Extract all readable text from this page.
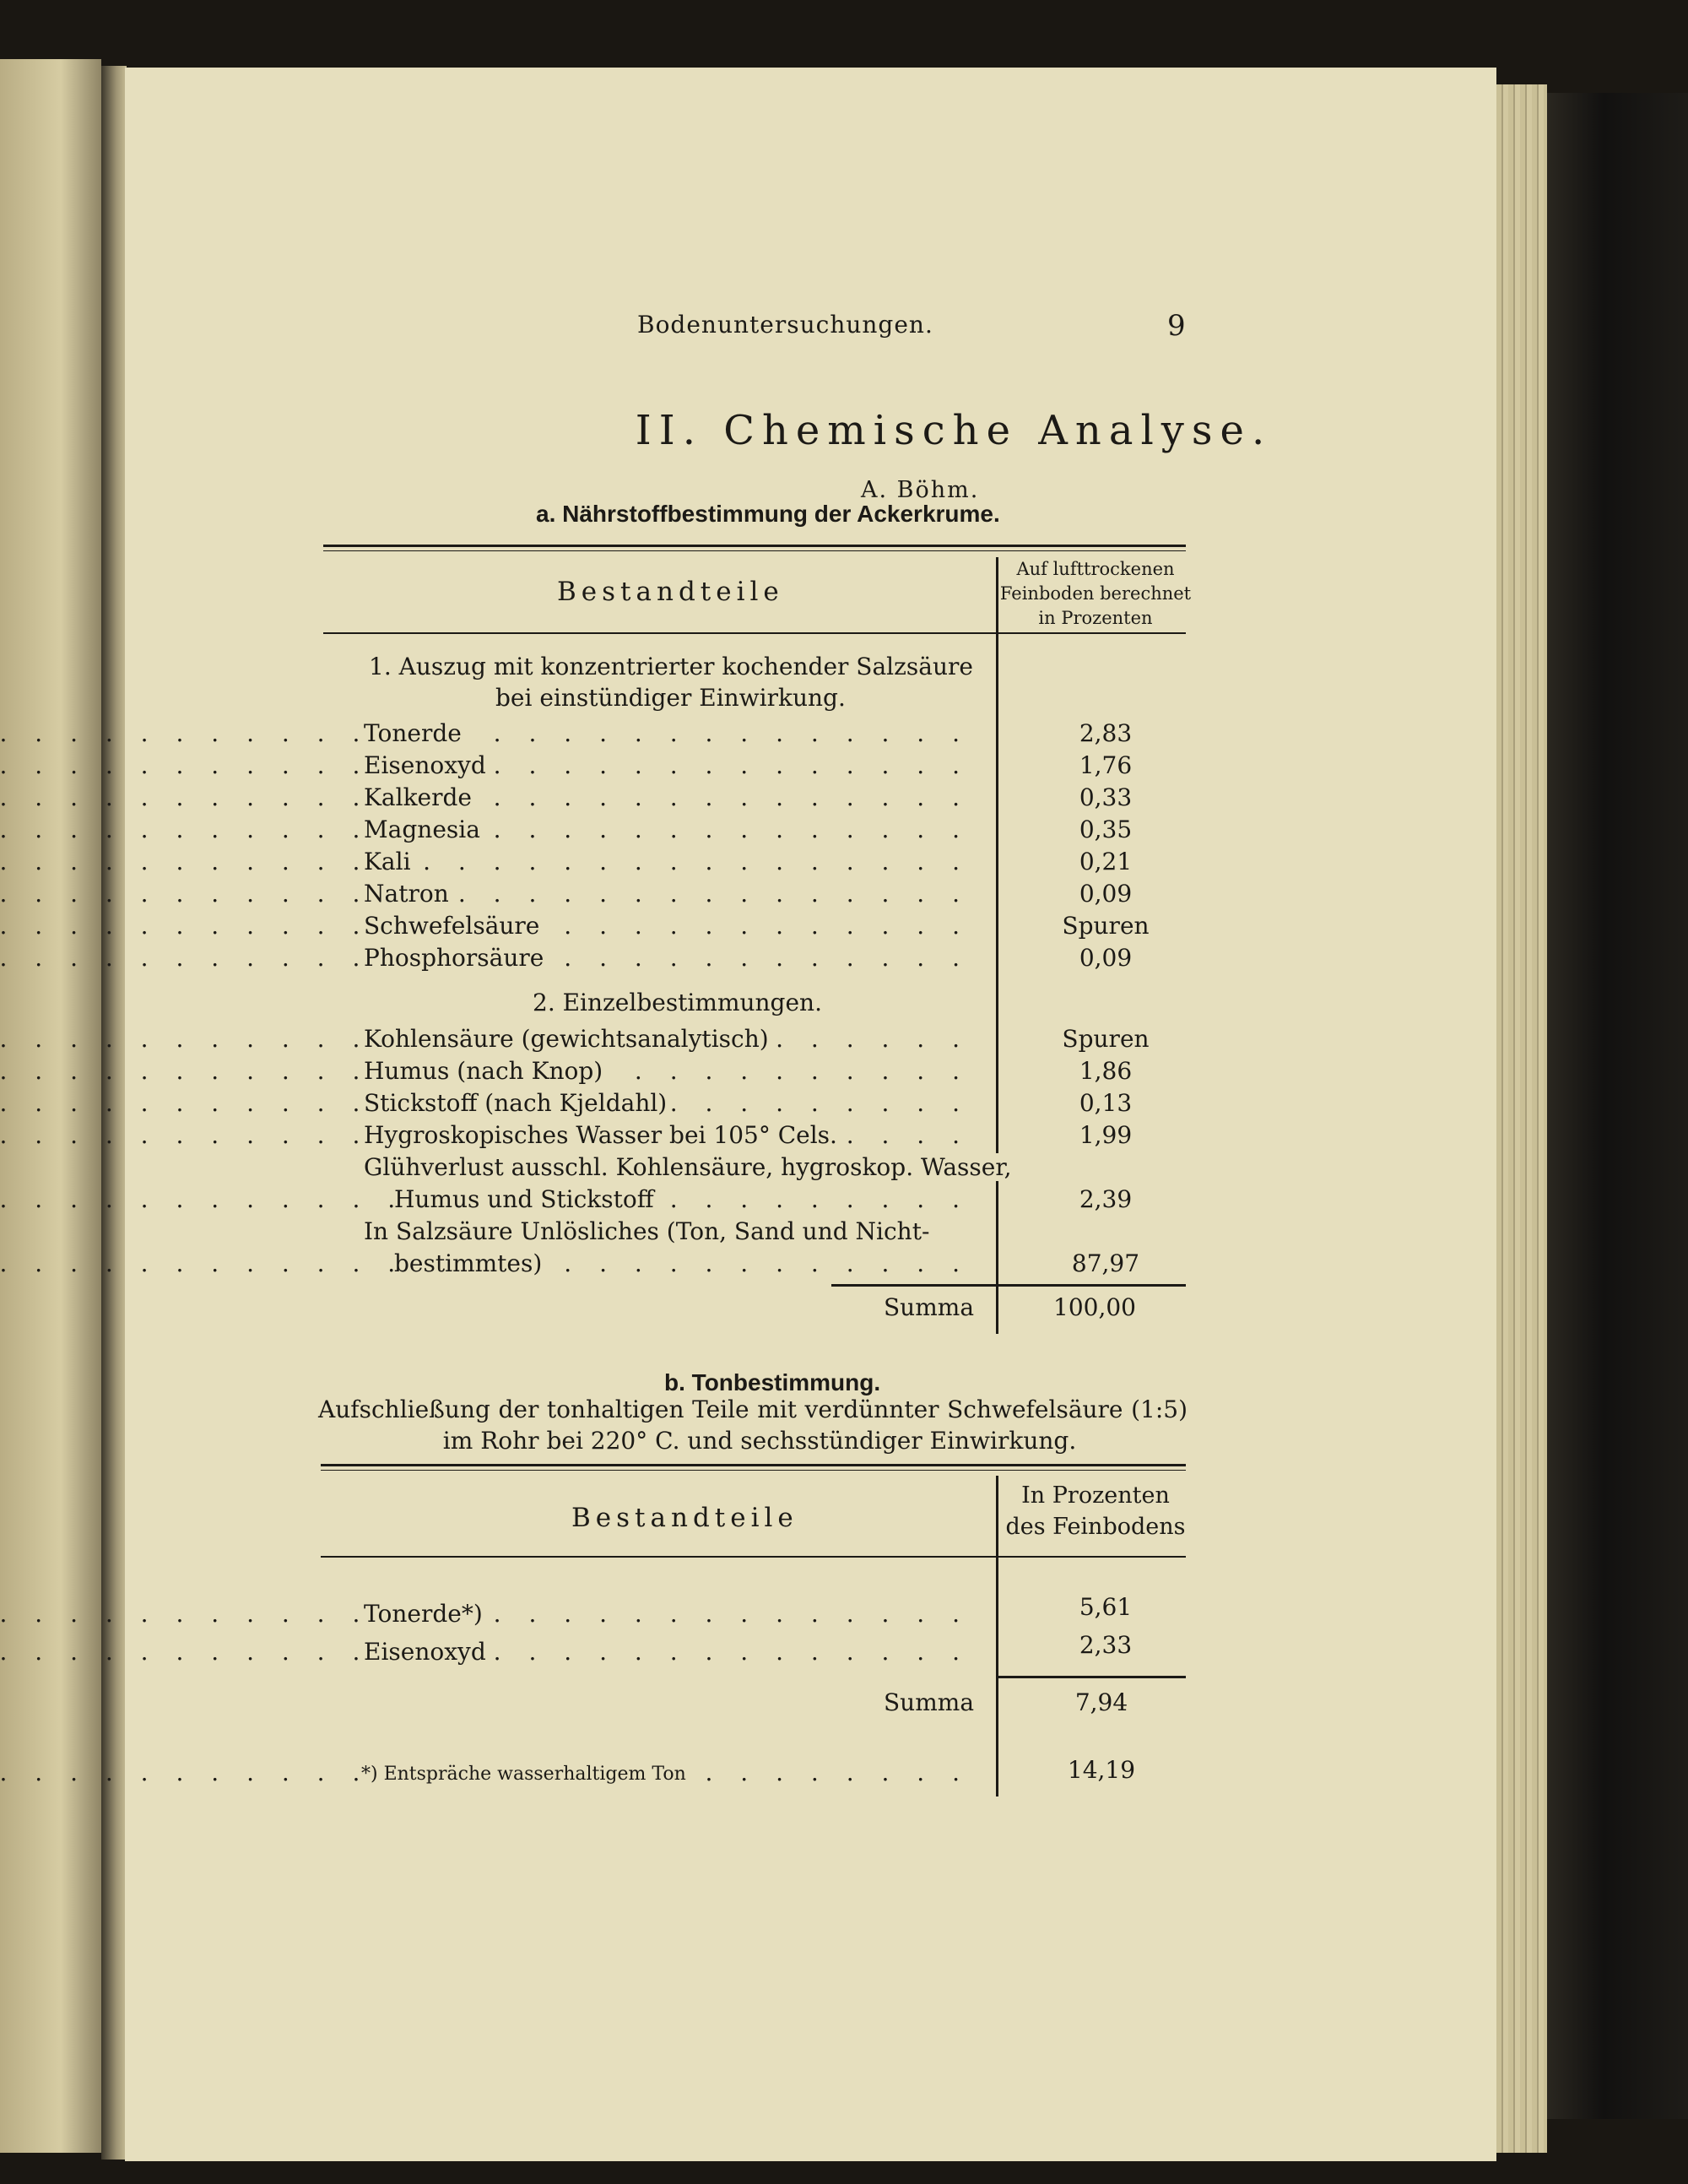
Bodenuntersuchungen.	9
II. Chemische Analyse.
A. Böhm.
a. Nährstoffbestimmung der Ackerkrume.
Bestandteile
Auf lufttrockenen
Feinboden berechnet
in Prozenten
1. Auszug mit konzentrierter kochender Salzsäure
bei einstündiger Einwirkung.
. . .
Tonerde	2,83
. . .
Eisenoxyd	1,76
. . .
Kalkerde	0,33
. . .
Magnesia	0,35
. . .
Kali	0,21
. . .
Natron	0,09
. . .
Schwefelsäure	Spuren
. . .
Phosphorsäure	0,09
2. Einzelbestimmungen.
. . .
Kohlensäure (gewichtsanalytisch)	Spuren
. . .
Humus (nach Knop)	1,86
. . .
Stickstoff (nach Kjeldahl)	0,13
. . .
Hygroskopisches Wasser bei 105° Cels.	1,99
Glühverlust ausschl. Kohlensäure, hygroskop. Wasser,
. . .
Humus und Stickstoff	2,39
In Salzsäure Unlösliches (Ton, Sand und Nicht-
. . .
bestimmtes)	87,97
Summa	100,00
b. Tonbestimmung.
Aufschließung der tonhaltigen Teile mit verdünnter Schwefelsäure (1:5)
im Rohr bei 220° C. und sechsstündiger Einwirkung.
Bestandteile
In Prozenten
des Feinbodens
. . .
Tonerde*)	5,61
. . .
Eisenoxyd	2,33
Summa	7,94
. . .
*) Entspräche wasserhaltigem Ton	14,19
